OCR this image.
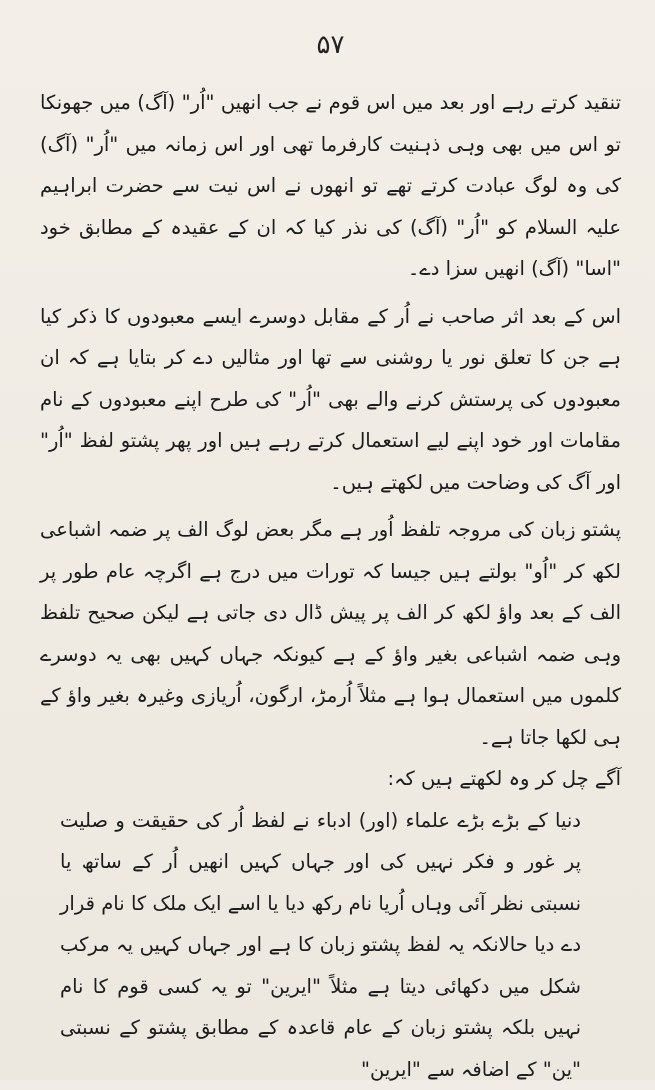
۵۷

تنقید کرتے رہے اور بعد میں اس قوم نے جب انھیں "اُر" (آگ) میں جھونکا تو اس میں بھی وہی ذہنیت کارفرما تھی اور اس زمانہ میں "اُر" (آگ) کی وہ لوگ عبادت کرتے تھے تو انھوں نے اس نیت سے حضرت ابراہیم علیہ السلام کو "اُر" (آگ) کی نذر کیا کہ ان کے عقیدہ کے مطابق خود "اسا" (آگ) انھیں سزا دے۔

اس کے بعد اثر صاحب نے اُر کے مقابل دوسرے ایسے معبودوں کا ذکر کیا ہے جن کا تعلق نور یا روشنی سے تھا اور مثالیں دے کر بتایا ہے کہ ان معبودوں کی پرستش کرنے والے بھی "اُر" کی طرح اپنے معبودوں کے نام مقامات اور خود اپنے لیے استعمال کرتے رہے ہیں اور پھر پشتو لفظ "اُر" اور آگ کی وضاحت میں لکھتے ہیں۔

پشتو زبان کی مروجہ تلفظ اُور ہے مگر بعض لوگ الف پر ضمہ اشباعی لکھ کر "اُو" بولتے ہیں جیسا کہ تورات میں درج ہے اگرچہ عام طور پر الف کے بعد واؤ لکھ کر الف پر پیش ڈال دی جاتی ہے لیکن صحیح تلفظ وہی ضمہ اشباعی بغیر واؤ کے ہے کیونکہ جہاں کہیں بھی یہ دوسرے کلموں میں استعمال ہوا ہے مثلاً اُرمڑ، ارگون، اُریازی وغیرہ بغیر واؤ کے ہی لکھا جاتا ہے۔

آگے چل کر وہ لکھتے ہیں کہ:

دنیا کے بڑے بڑے علماء (اور) ادباء نے لفظ اُر کی حقیقت و صلیت پر غور و فکر نہیں کی اور جہاں کہیں انھیں اُر کے ساتھ یا نسبتی نظر آئی وہاں اُریا نام رکھ دیا یا اسے ایک ملک کا نام قرار دے دیا حالانکہ یہ لفظ پشتو زبان کا ہے اور جہاں کہیں یہ مرکب شکل میں دکھائی دیتا ہے مثلاً "ایرین" تو یہ کسی قوم کا نام نہیں بلکہ پشتو زبان کے عام قاعدہ کے مطابق پشتو کے نسبتی "ین" کے اضافہ سے "ایرین"
